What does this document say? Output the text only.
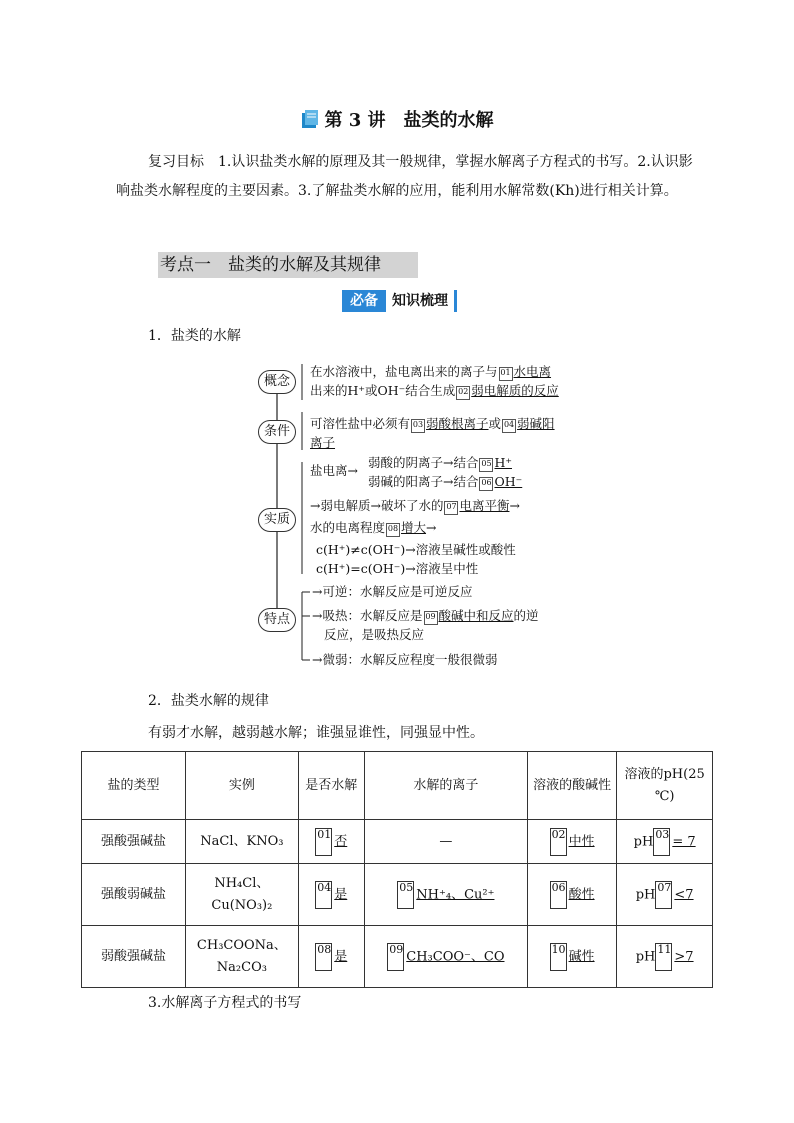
第 3 讲　盐类的水解
复习目标　1.认识盐类水解的原理及其一般规律，掌握水解离子方程式的书写。2.认识影响盐类水解程度的主要因素。3.了解盐类水解的应用，能利用水解常数(Kh)进行相关计算。
考点一　盐类的水解及其规律
必备 知识梳理
1．盐类的水解
概念
条件
实质
特点
在水溶液中，盐电离出来的离子与 01 水电离
出来的H⁺或OH⁻结合生成 02 弱电解质的反应
可溶性盐中必须有 03 弱酸根离子或 04 弱碱阳
离子
盐电离→
弱酸的阴离子→结合 05 H⁺
弱碱的阳离子→结合 06 OH⁻
→弱电解质→破坏了水的 07 电离平衡→
水的电离程度 08 增大→
c(H⁺)≠c(OH⁻)→溶液呈碱性或酸性
c(H⁺)=c(OH⁻)→溶液呈中性
→可逆：水解反应是可逆反应
→吸热：水解反应是 09 酸碱中和反应的逆
反应，是吸热反应
→微弱：水解反应程度一般很微弱
2．盐类水解的规律
有弱才水解，越弱越水解；谁强显谁性，同强显中性。
盐的类型	实例	是否水解	水解的离子	溶液的酸碱性	溶液的pH(25 ℃)
强酸强碱盐	NaCl、KNO₃	01 否	—	02 中性	pH 03 = 7
强酸弱碱盐	NH₄Cl、Cu(NO₃)₂	04 是	05 NH⁺₄、Cu²⁺	06 酸性	pH 07 <7
弱酸强碱盐	CH₃COONa、Na₂CO₃	08 是	09 CH₃COO⁻、CO	10 碱性	pH 11 >7
3.水解离子方程式的书写
